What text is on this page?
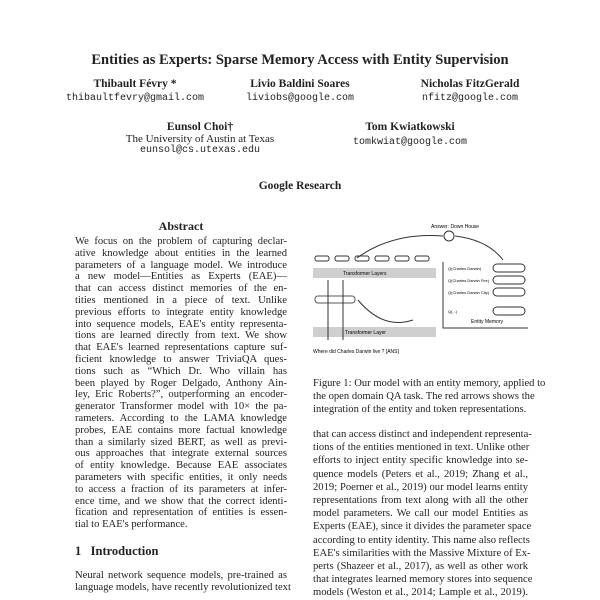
Entities as Experts: Sparse Memory Access with Entity Supervision
Thibault Févry *
thibaultfevry@gmail.com
Livio Baldini Soares
liviobs@google.com
Nicholas FitzGerald
nfitz@google.com
Eunsol Choi†
The University of Austin at Texas
eunsol@cs.utexas.edu
Tom Kwiatkowski
tomkwiat@google.com
Google Research
Abstract
We focus on the problem of capturing declar-
ative knowledge about entities in the learned
parameters of a language model. We introduce
a new model—Entities as Experts (EAE)—
that can access distinct memories of the en-
tities mentioned in a piece of text. Unlike
previous efforts to integrate entity knowledge
into sequence models, EAE's entity representa-
tions are learned directly from text. We show
that EAE's learned representations capture suf-
ficient knowledge to answer TriviaQA ques-
tions such as “Which Dr. Who villain has
been played by Roger Delgado, Anthony Ain-
ley, Eric Roberts?”, outperforming an encoder-
generator Transformer model with 10× the pa-
rameters. According to the LAMA knowledge
probes, EAE contains more factual knowledge
than a similarly sized BERT, as well as previ-
ous approaches that integrate external sources
of entity knowledge. Because EAE associates
parameters with specific entities, it only needs
to access a fraction of its parameters at infer-
ence time, and we show that the correct identi-
fication and representation of entities is essen-
tial to EAE's performance.
1   Introduction
Neural network sequence models, pre-trained as
language models, have recently revolutionized text
Answer: Down House
Transformer Layers
Transformer Layer
Where did Charles Darwin live ? [ANS]
Q(Charles Darwin)
Q(Charles Darwin Fire)
Q(Charles Darwin City)
Q(...)
Entity Memory
Figure 1: Our model with an entity memory, applied to
the open domain QA task. The red arrows shows the
integration of the entity and token representations.
that can access distinct and independent representa-
tions of the entities mentioned in text. Unlike other
efforts to inject entity specific knowledge into se-
quence models (Peters et al., 2019; Zhang et al.,
2019; Poerner et al., 2019) our model learns entity
representations from text along with all the other
model parameters. We call our model Entities as
Experts (EAE), since it divides the parameter space
according to entity identity. This name also reflects
EAE's similarities with the Massive Mixture of Ex-
perts (Shazeer et al., 2017), as well as other work
that integrates learned memory stores into sequence
models (Weston et al., 2014; Lample et al., 2019).
